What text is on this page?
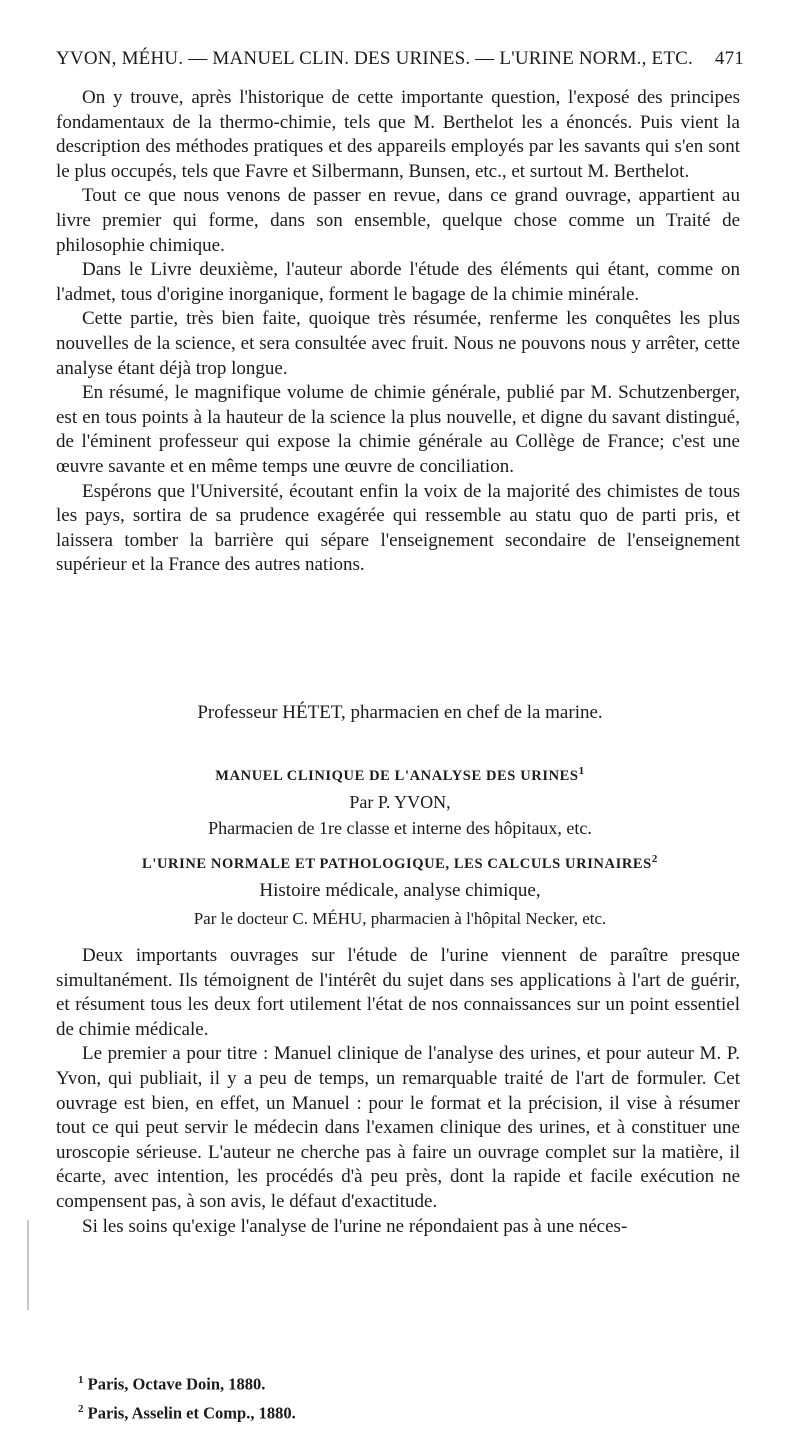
YVON, MÉHU. — MANUEL CLIN. DES URINES. — L'URINE NORM., ETC. 471

On y trouve, après l'historique de cette importante question, l'exposé des principes fondamentaux de la thermo-chimie, tels que M. Berthelot les a énoncés. Puis vient la description des méthodes pratiques et des appareils employés par les savants qui s'en sont le plus occupés, tels que Favre et Silbermann, Bunsen, etc., et surtout M. Berthelot.

Tout ce que nous venons de passer en revue, dans ce grand ouvrage, appartient au livre premier qui forme, dans son ensemble, quelque chose comme un Traité de philosophie chimique.

Dans le Livre deuxième, l'auteur aborde l'étude des éléments qui étant, comme on l'admet, tous d'origine inorganique, forment le bagage de la chimie minérale.

Cette partie, très bien faite, quoique très résumée, renferme les conquêtes les plus nouvelles de la science, et sera consultée avec fruit. Nous ne pouvons nous y arrêter, cette analyse étant déjà trop longue.

En résumé, le magnifique volume de chimie générale, publié par M. Schutzenberger, est en tous points à la hauteur de la science la plus nouvelle, et digne du savant distingué, de l'éminent professeur qui expose la chimie générale au Collège de France; c'est une œuvre savante et en même temps une œuvre de conciliation.

Espérons que l'Université, écoutant enfin la voix de la majorité des chimistes de tous les pays, sortira de sa prudence exagérée qui ressemble au statu quo de parti pris, et laissera tomber la barrière qui sépare l'enseignement secondaire de l'enseignement supérieur et la France des autres nations.

Professeur HÉTET, pharmacien en chef de la marine.
MANUEL CLINIQUE DE L'ANALYSE DES URINES$^1$
Par P. YVON,
Pharmacien de 1re classe et interne des hôpitaux, etc.
L'URINE NORMALE ET PATHOLOGIQUE, LES CALCULS URINAIRES$^2$
Histoire médicale, analyse chimique,
Par le docteur C. MÉHU, pharmacien à l'hôpital Necker, etc.

Deux importants ouvrages sur l'étude de l'urine viennent de paraître presque simultanément. Ils témoignent de l'intérêt du sujet dans ses applications à l'art de guérir, et résument tous les deux fort utilement l'état de nos connaissances sur un point essentiel de chimie médicale.

Le premier a pour titre : Manuel clinique de l'analyse des urines, et pour auteur M. P. Yvon, qui publiait, il y a peu de temps, un remarquable traité de l'art de formuler. Cet ouvrage est bien, en effet, un Manuel : pour le format et la précision, il vise à résumer tout ce qui peut servir le médecin dans l'examen clinique des urines, et à constituer une uroscopie sérieuse. L'auteur ne cherche pas à faire un ouvrage complet sur la matière, il écarte, avec intention, les procédés d'à peu près, dont la rapide et facile exécution ne compensent pas, à son avis, le défaut d'exactitude.

Si les soins qu'exige l'analyse de l'urine ne répondaient pas à une néces-

$^1$ Paris, Octave Doin, 1880.
$^2$ Paris, Asselin et Comp., 1880.
